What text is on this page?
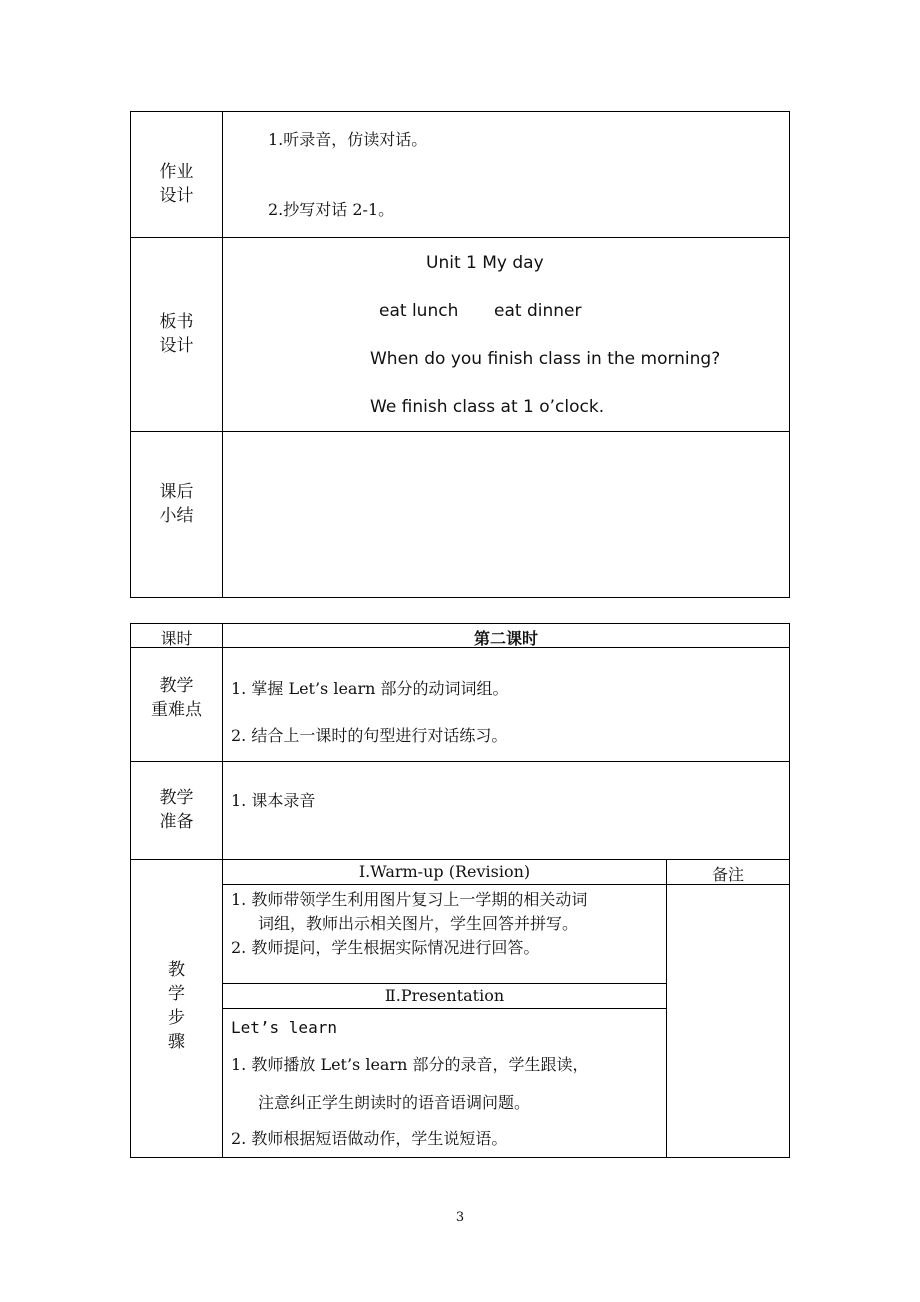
作业
设计
1.听录音，仿读对话。
2.抄写对话 2-1。
板书
设计
Unit 1 My day
eat lunch eat dinner
When do you finish class in the morning?
We finish class at 1 o’clock.
课后
小结
课时	第二课时
教学
重难点
1. 掌握 Let’s learn 部分的动词词组。
2. 结合上一课时的句型进行对话练习。
教学
准备
1. 课本录音
教
学
步
骤
备注
Ⅰ.Warm-up (Revision)
1. 教师带领学生利用图片复习上一学期的相关动词
词组，教师出示相关图片，学生回答并拼写。
2. 教师提问，学生根据实际情况进行回答。
Ⅱ.Presentation
Let’s learn
1. 教师播放 Let’s learn 部分的录音，学生跟读，
注意纠正学生朗读时的语音语调问题。
2. 教师根据短语做动作，学生说短语。
3
